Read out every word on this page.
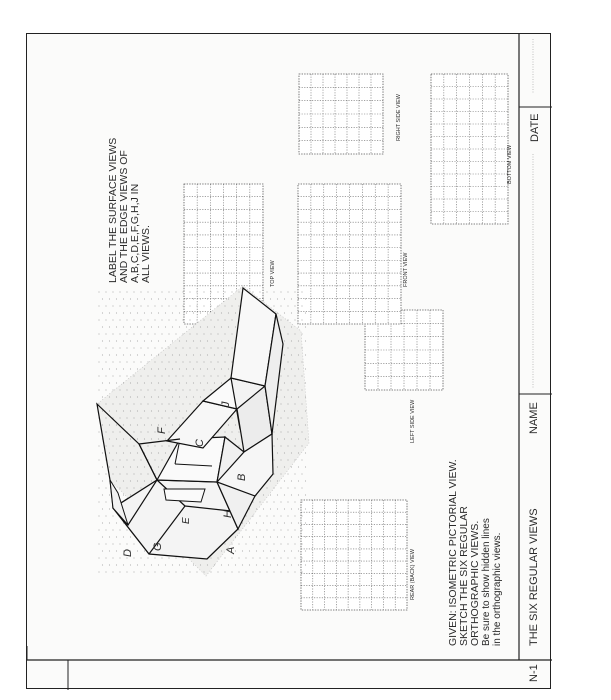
N-1
THE SIX REGULAR VIEWS
NAME
DATE
GIVEN: ISOMETRIC PICTORIAL VIEW. SKETCH THE SIX REGULAR ORTHOGRAPHIC VIEWS. Be sure to show hidden lines in the orthographic views.
LABEL THE SURFACE VIEWS AND THE EDGE VIEWS OF A,B,C,D,E,F,G,H,J IN ALL VIEWS.
REAR (BACK) VIEW
LEFT SIDE VIEW
TOP VIEW	FRONT VIEW
BOTTOM VIEW
RIGHT SIDE VIEW
A
B
C
D
E
F
G
H
J
